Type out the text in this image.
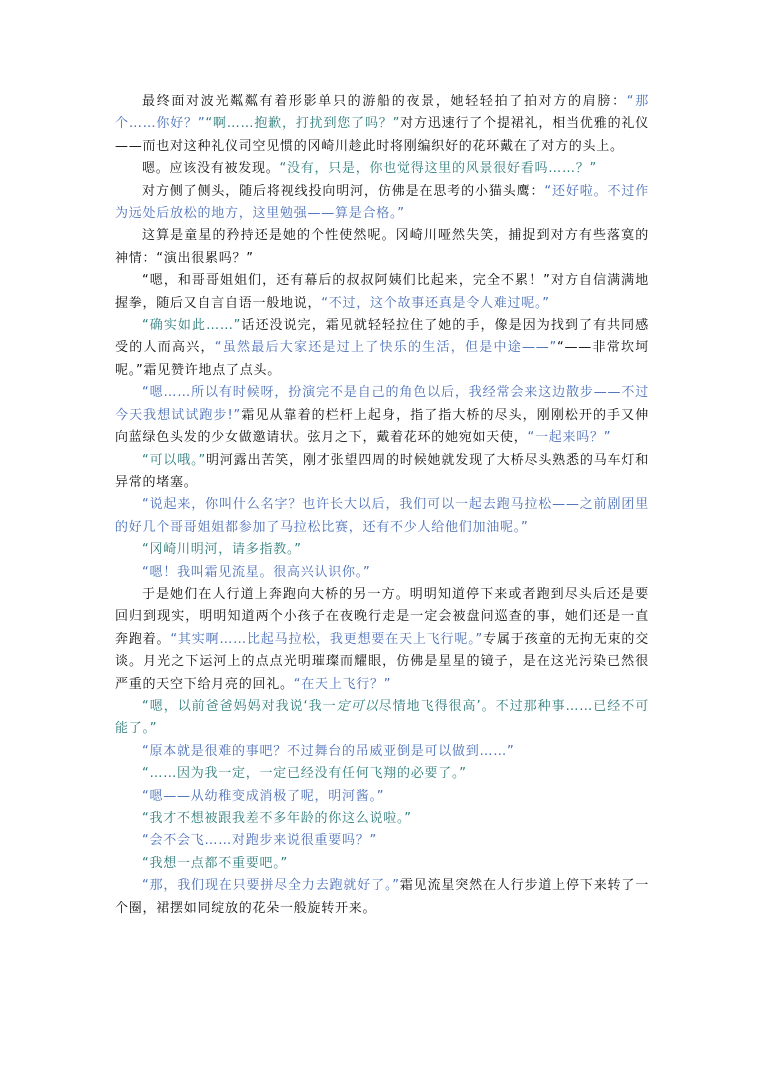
最终面对波光粼粼有着形影单只的游船的夜景，她轻轻拍了拍对方的肩膀：“那个……你好？”“啊……抱歉，打扰到您了吗？”对方迅速行了个提裙礼，相当优雅的礼仪——而也对这种礼仪司空见惯的冈崎川趁此时将刚编织好的花环戴在了对方的头上。

嗯。应该没有被发现。“没有，只是，你也觉得这里的风景很好看吗……？”

对方侧了侧头，随后将视线投向明河，仿佛是在思考的小猫头鹰：“还好啦。不过作为远处后放松的地方，这里勉强——算是合格。”

这算是童星的矜持还是她的个性使然呢。冈崎川哑然失笑，捕捉到对方有些落寞的神情：“演出很累吗？”

“嗯，和哥哥姐姐们，还有幕后的叔叔阿姨们比起来，完全不累！”对方自信满满地握拳，随后又自言自语一般地说，“不过，这个故事还真是令人难过呢。”

“确实如此……”话还没说完，霜见就轻轻拉住了她的手，像是因为找到了有共同感受的人而高兴，“虽然最后大家还是过上了快乐的生活，但是中途——”“——非常坎坷呢。”霜见赞许地点了点头。

“嗯……所以有时候呀，扮演完不是自己的角色以后，我经常会来这边散步——不过今天我想试试跑步!”霜见从靠着的栏杆上起身，指了指大桥的尽头，刚刚松开的手又伸向蓝绿色头发的少女做邀请状。弦月之下，戴着花环的她宛如天使，“一起来吗？”

“可以哦。”明河露出苦笑，刚才张望四周的时候她就发现了大桥尽头熟悉的马车灯和异常的堵塞。

“说起来，你叫什么名字？也许长大以后，我们可以一起去跑马拉松——之前剧团里的好几个哥哥姐姐都参加了马拉松比赛，还有不少人给他们加油呢。”

“冈崎川明河，请多指教。”

“嗯！我叫霜见流星。很高兴认识你。”

于是她们在人行道上奔跑向大桥的另一方。明明知道停下来或者跑到尽头后还是要回归到现实，明明知道两个小孩子在夜晚行走是一定会被盘问巡查的事，她们还是一直奔跑着。“其实啊……比起马拉松，我更想要在天上飞行呢。”专属于孩童的无拘无束的交谈。月光之下运河上的点点光明璀璨而耀眼，仿佛是星星的镜子，是在这光污染已然很严重的天空下给月亮的回礼。“在天上飞行？”

“嗯，以前爸爸妈妈对我说‘我一定可以尽情地飞得很高’。不过那种事……已经不可能了。”

“原本就是很难的事吧？不过舞台的吊威亚倒是可以做到……”

“……因为我一定，一定已经没有任何飞翔的必要了。”

“嗯——从幼稚变成消极了呢，明河酱。”

“我才不想被跟我差不多年龄的你这么说啦。”

“会不会飞……对跑步来说很重要吗？”

“我想一点都不重要吧。”

“那，我们现在只要拼尽全力去跑就好了。”霜见流星突然在人行步道上停下来转了一个圈，裙摆如同绽放的花朵一般旋转开来。
